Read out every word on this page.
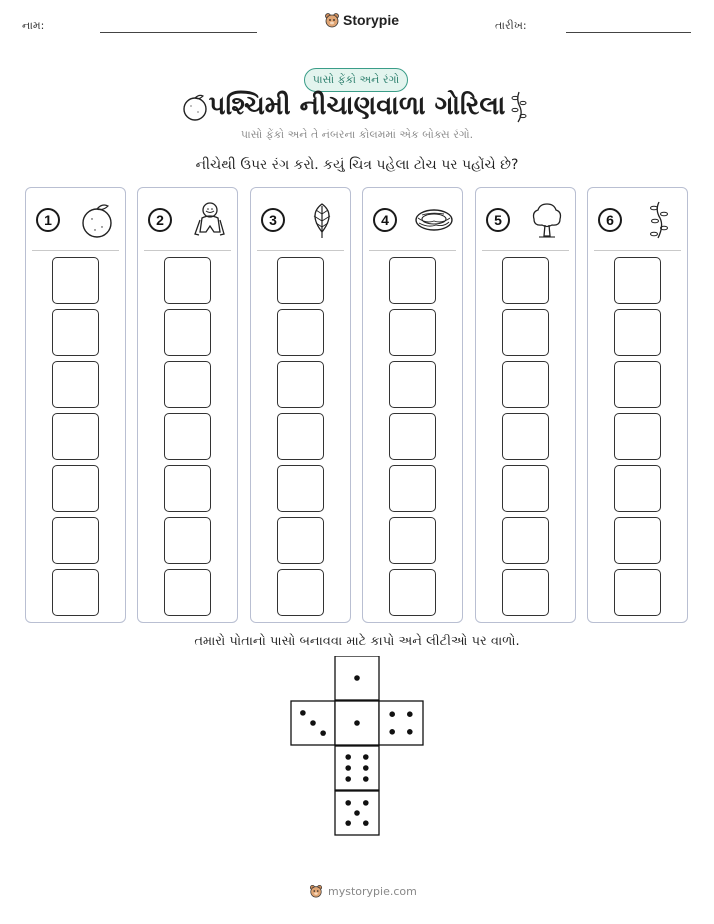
નામ:	Storypie	તારીખ:
પાસો ફેંકો અને રંગો
પશ્ચિમી નીચાણવાળા ગોરિલા
પાસો ફેંકો અને તે નંબરના કોલમમાં એક બોક્સ રંગો.
નીચેથી ઉપર રંગ કરો. કયું ચિત્ર પહેલા ટોચ પર પહોંચે છે?
1	2	3	4	5	6
તમારો પોતાનો પાસો બનાવવા માટે કાપો અને લીટીઓ પર વાળો.
mystorypie.com
